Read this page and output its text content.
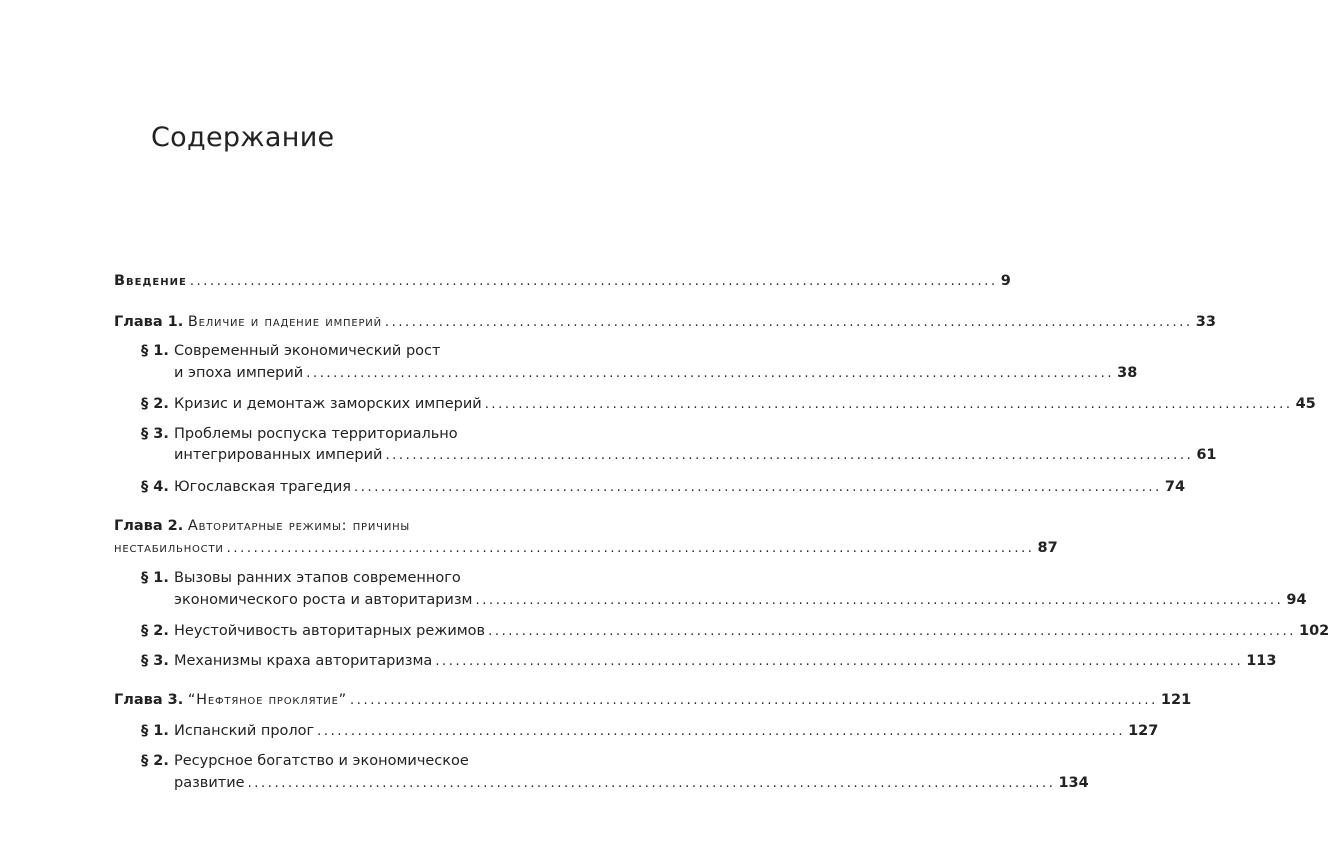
Содержание
Введение ........................................................................................................................ 9
Глава 1. Величие и падение империй ........................................................................................................................ 33
§ 1. Современный экономический рост
и эпоха империй ........................................................................................................................ 38
§ 2. Кризис и демонтаж заморских империй ........................................................................................................................ 45
§ 3. Проблемы роспуска территориально
интегрированных империй ........................................................................................................................ 61
§ 4. Югославская трагедия ........................................................................................................................ 74
Глава 2. Авторитарные режимы: причины
нестабильности ........................................................................................................................ 87
§ 1. Вызовы ранних этапов современного
экономического роста и авторитаризм ........................................................................................................................ 94
§ 2. Неустойчивость авторитарных режимов ........................................................................................................................ 102
§ 3. Механизмы краха авторитаризма ........................................................................................................................ 113
Глава 3. “Нефтяное проклятие” ........................................................................................................................ 121
§ 1. Испанский пролог ........................................................................................................................ 127
§ 2. Ресурсное богатство и экономическое
развитие ........................................................................................................................ 134
